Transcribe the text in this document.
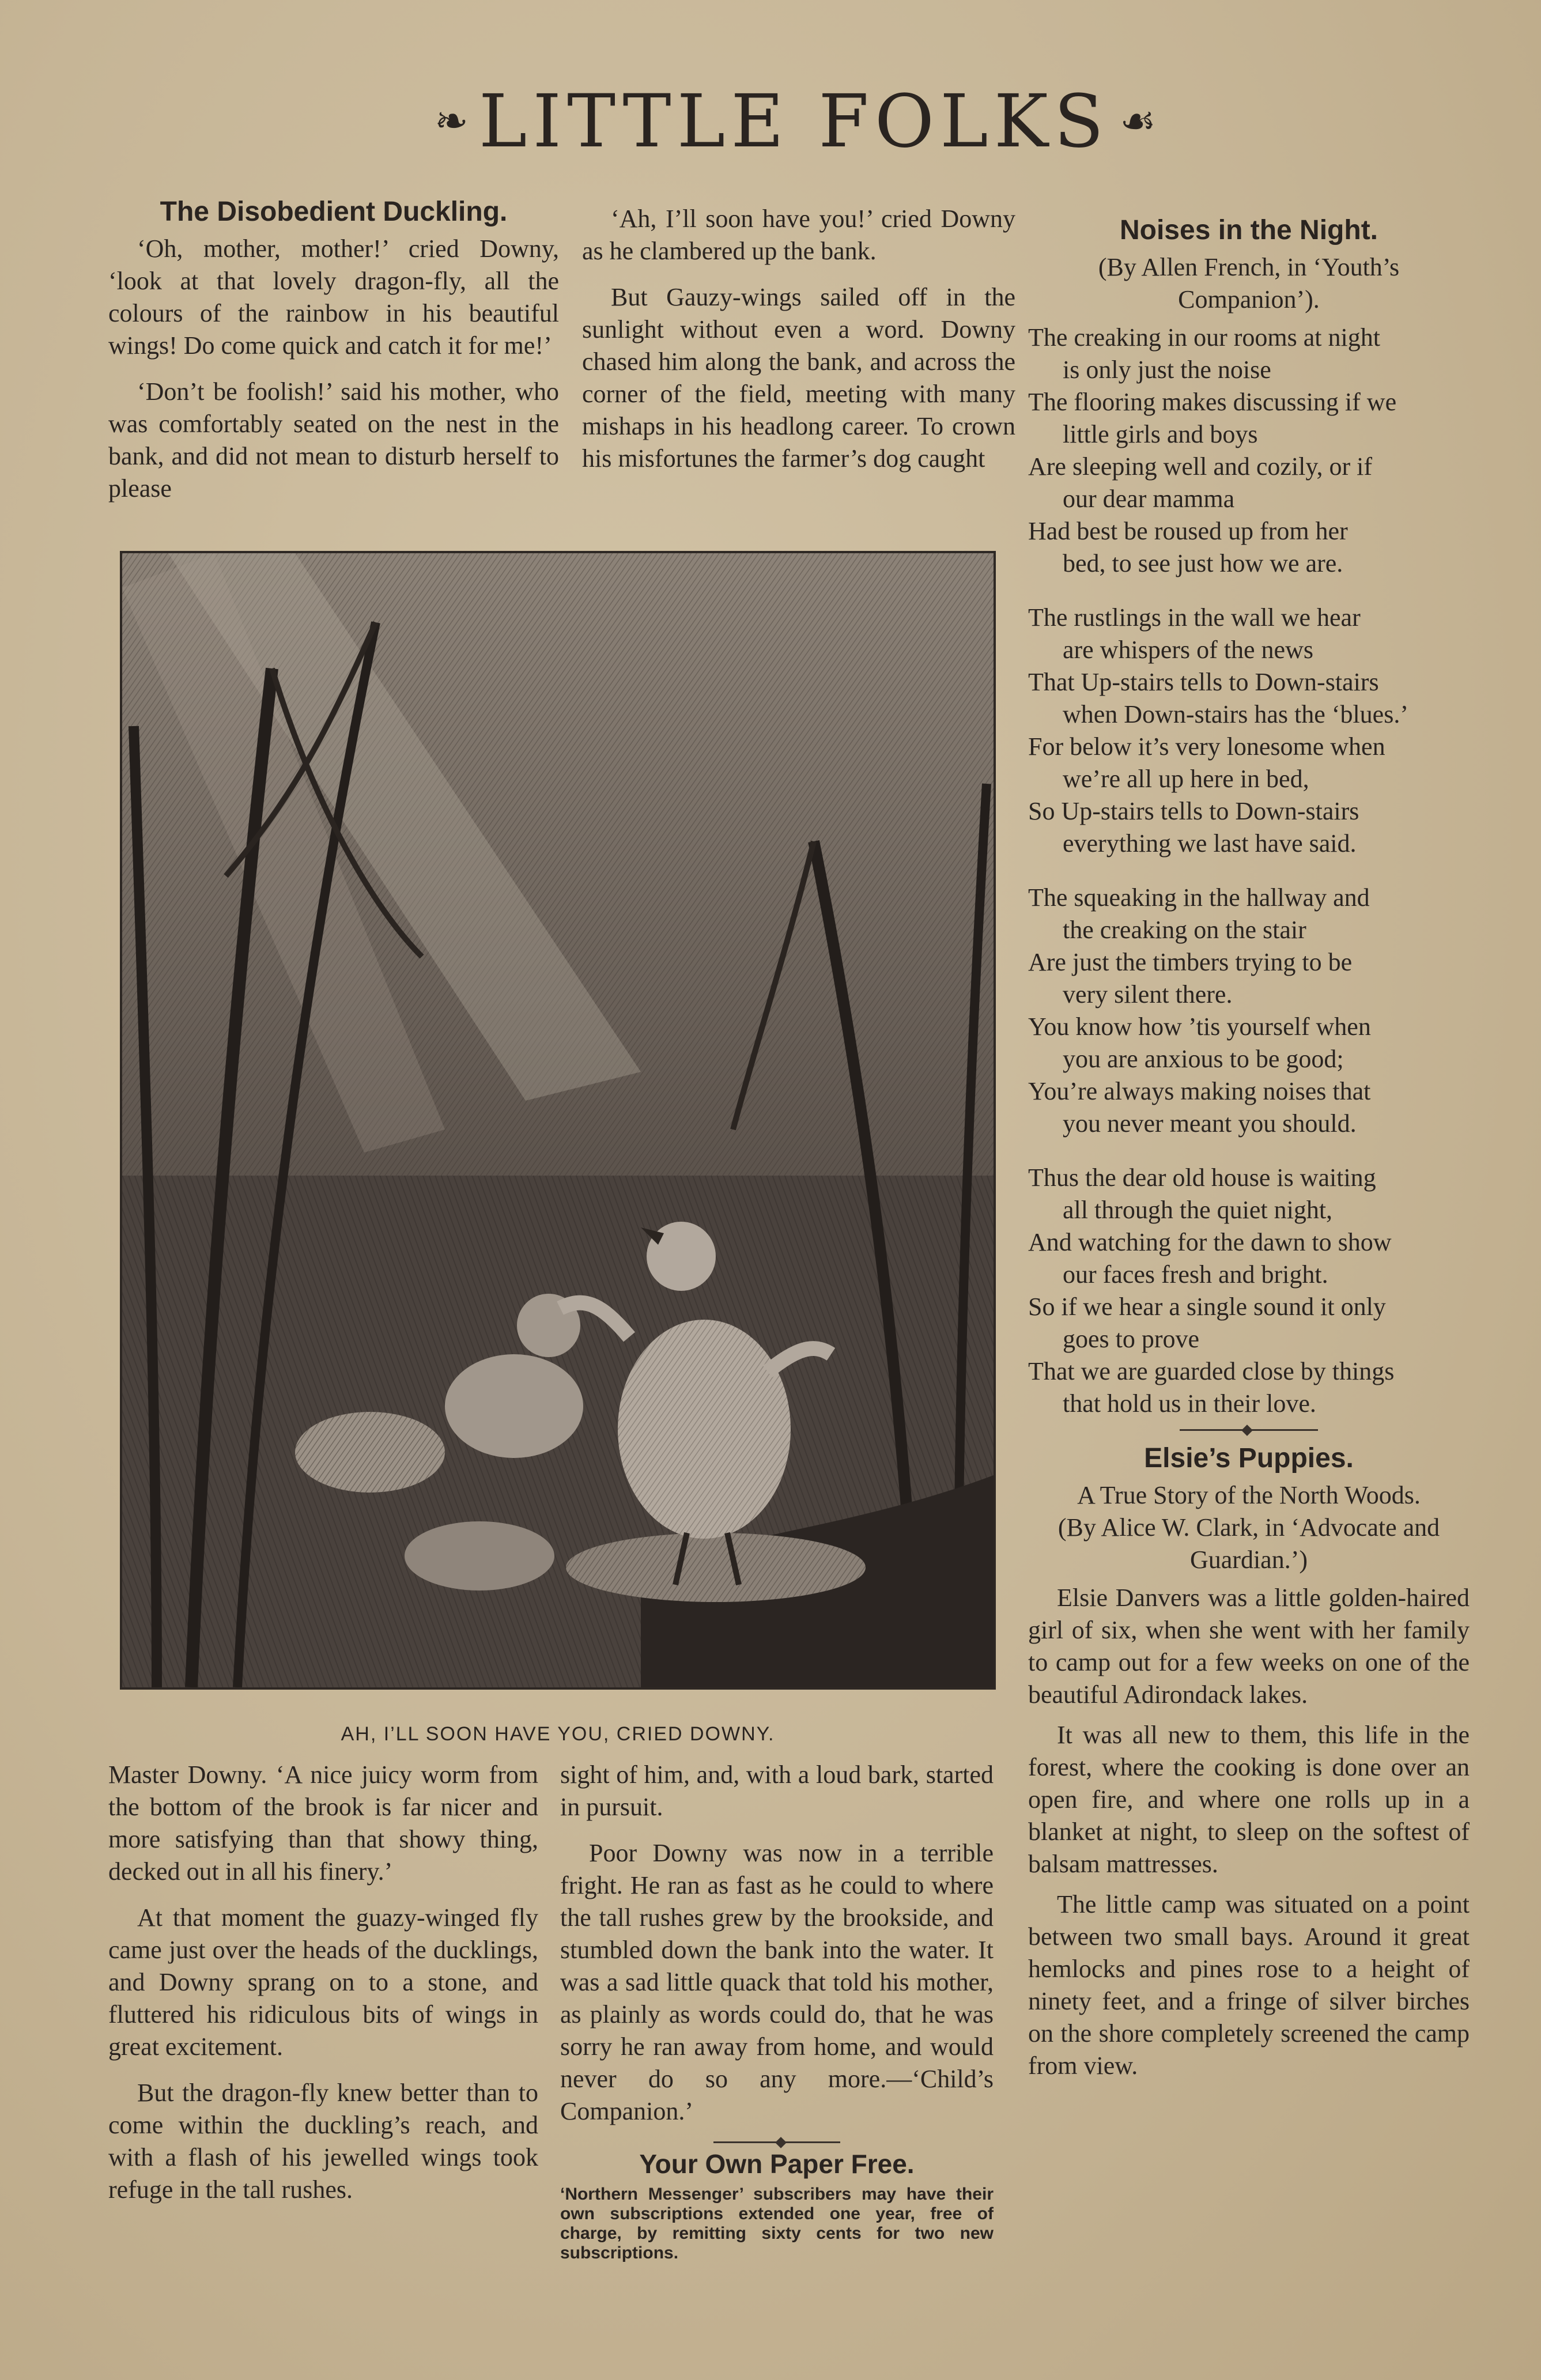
❧ LITTLE FOLKS ☙
The Disobedient Duckling.

‘Oh, mother, mother!’ cried Downy, ‘look at that lovely dragon-fly, all the colours of the rainbow in his beautiful wings! Do come quick and catch it for me!’

‘Don’t be foolish!’ said his mother, who was comfortably seated on the nest in the bank, and did not mean to disturb herself to please

‘Ah, I’ll soon have you!’ cried Downy as he clambered up the bank.

But Gauzy-wings sailed off in the sunlight without even a word. Downy chased him along the bank, and across the corner of the field, meeting with many mishaps in his headlong career. To crown his misfortunes the farmer’s dog caught

AH, I’LL SOON HAVE YOU, CRIED DOWNY.

Master Downy. ‘A nice juicy worm from the bottom of the brook is far nicer and more satisfying than that showy thing, decked out in all his finery.’

At that moment the guazy-winged fly came just over the heads of the ducklings, and Downy sprang on to a stone, and fluttered his ridiculous bits of wings in great excitement.

But the dragon-fly knew better than to come within the duckling’s reach, and with a flash of his jewelled wings took refuge in the tall rushes.

sight of him, and, with a loud bark, started in pursuit.

Poor Downy was now in a terrible fright. He ran as fast as he could to where the tall rushes grew by the brookside, and stumbled down the bank into the water. It was a sad little quack that told his mother, as plainly as words could do, that he was sorry he ran away from home, and would never do so any more.—‘Child’s Companion.’

Your Own Paper Free.
‘Northern Messenger’ subscribers may have their own subscriptions extended one year, free of charge, by remitting sixty cents for two new subscriptions.
Noises in the Night.
(By Allen French, in ‘Youth’s Companion’).
The creaking in our rooms at night
is only just the noise
The flooring makes discussing if we
little girls and boys
Are sleeping well and cozily, or if
our dear mamma
Had best be roused up from her
bed, to see just how we are.
The rustlings in the wall we hear
are whispers of the news
That Up-stairs tells to Down-stairs
when Down-stairs has the ‘blues.’
For below it’s very lonesome when
we’re all up here in bed,
So Up-stairs tells to Down-stairs
everything we last have said.
The squeaking in the hallway and
the creaking on the stair
Are just the timbers trying to be
very silent there.
You know how ’tis yourself when
you are anxious to be good;
You’re always making noises that
you never meant you should.
Thus the dear old house is waiting
all through the quiet night,
And watching for the dawn to show
our faces fresh and bright.
So if we hear a single sound it only
goes to prove
That we are guarded close by things
that hold us in their love.
Elsie’s Puppies.
A True Story of the North Woods.
(By Alice W. Clark, in ‘Advocate and Guardian.’)

Elsie Danvers was a little golden-haired girl of six, when she went with her family to camp out for a few weeks on one of the beautiful Adirondack lakes.

It was all new to them, this life in the forest, where the cooking is done over an open fire, and where one rolls up in a blanket at night, to sleep on the softest of balsam mattresses.

The little camp was situated on a point between two small bays. Around it great hemlocks and pines rose to a height of ninety feet, and a fringe of silver birches on the shore completely screened the camp from view.
